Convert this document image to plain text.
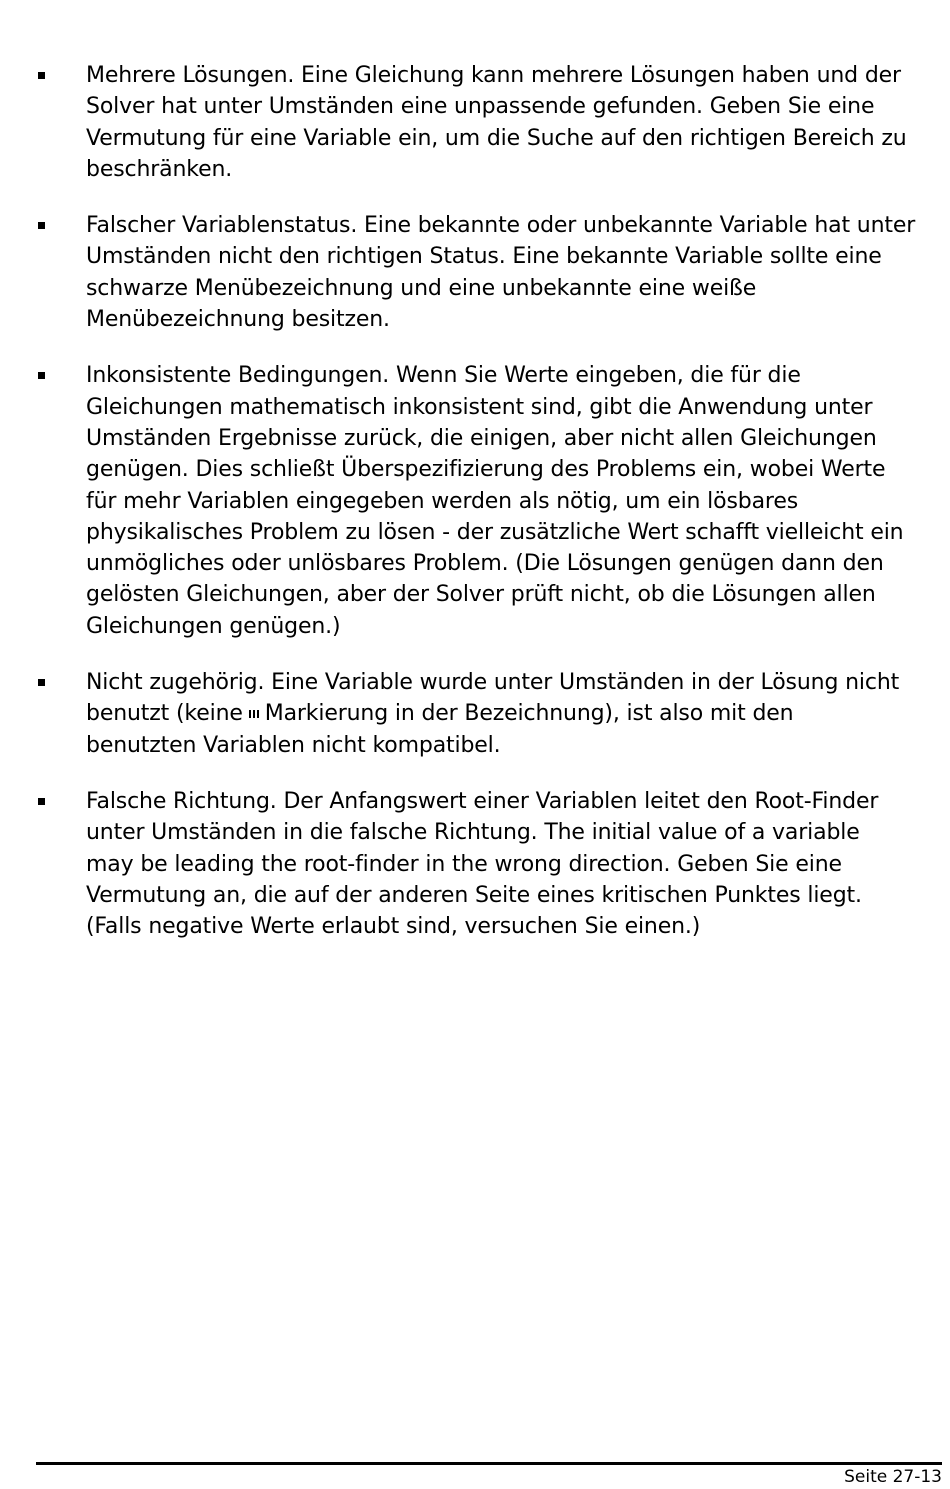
Mehrere Lösungen. Eine Gleichung kann mehrere Lösungen haben und der
Solver hat unter Umständen eine unpassende gefunden. Geben Sie eine
Vermutung für eine Variable ein, um die Suche auf den richtigen Bereich zu
beschränken.
Falscher Variablenstatus. Eine bekannte oder unbekannte Variable hat unter
Umständen nicht den richtigen Status. Eine bekannte Variable sollte eine
schwarze Menübezeichnung und eine unbekannte eine weiße
Menübezeichnung besitzen.
Inkonsistente Bedingungen. Wenn Sie Werte eingeben, die für die
Gleichungen mathematisch inkonsistent sind, gibt die Anwendung unter
Umständen Ergebnisse zurück, die einigen, aber nicht allen Gleichungen
genügen. Dies schließt Überspezifizierung des Problems ein, wobei Werte
für mehr Variablen eingegeben werden als nötig, um ein lösbares
physikalisches Problem zu lösen - der zusätzliche Wert schafft vielleicht ein
unmögliches oder unlösbares Problem. (Die Lösungen genügen dann den
gelösten Gleichungen, aber der Solver prüft nicht, ob die Lösungen allen
Gleichungen genügen.)
Nicht zugehörig. Eine Variable wurde unter Umständen in der Lösung nicht
benutzt (keine Markierung in der Bezeichnung), ist also mit den
benutzten Variablen nicht kompatibel.
Falsche Richtung. Der Anfangswert einer Variablen leitet den Root-Finder
unter Umständen in die falsche Richtung. The initial value of a variable
may be leading the root-finder in the wrong direction. Geben Sie eine
Vermutung an, die auf der anderen Seite eines kritischen Punktes liegt.
(Falls negative Werte erlaubt sind, versuchen Sie einen.)
Seite 27-13
